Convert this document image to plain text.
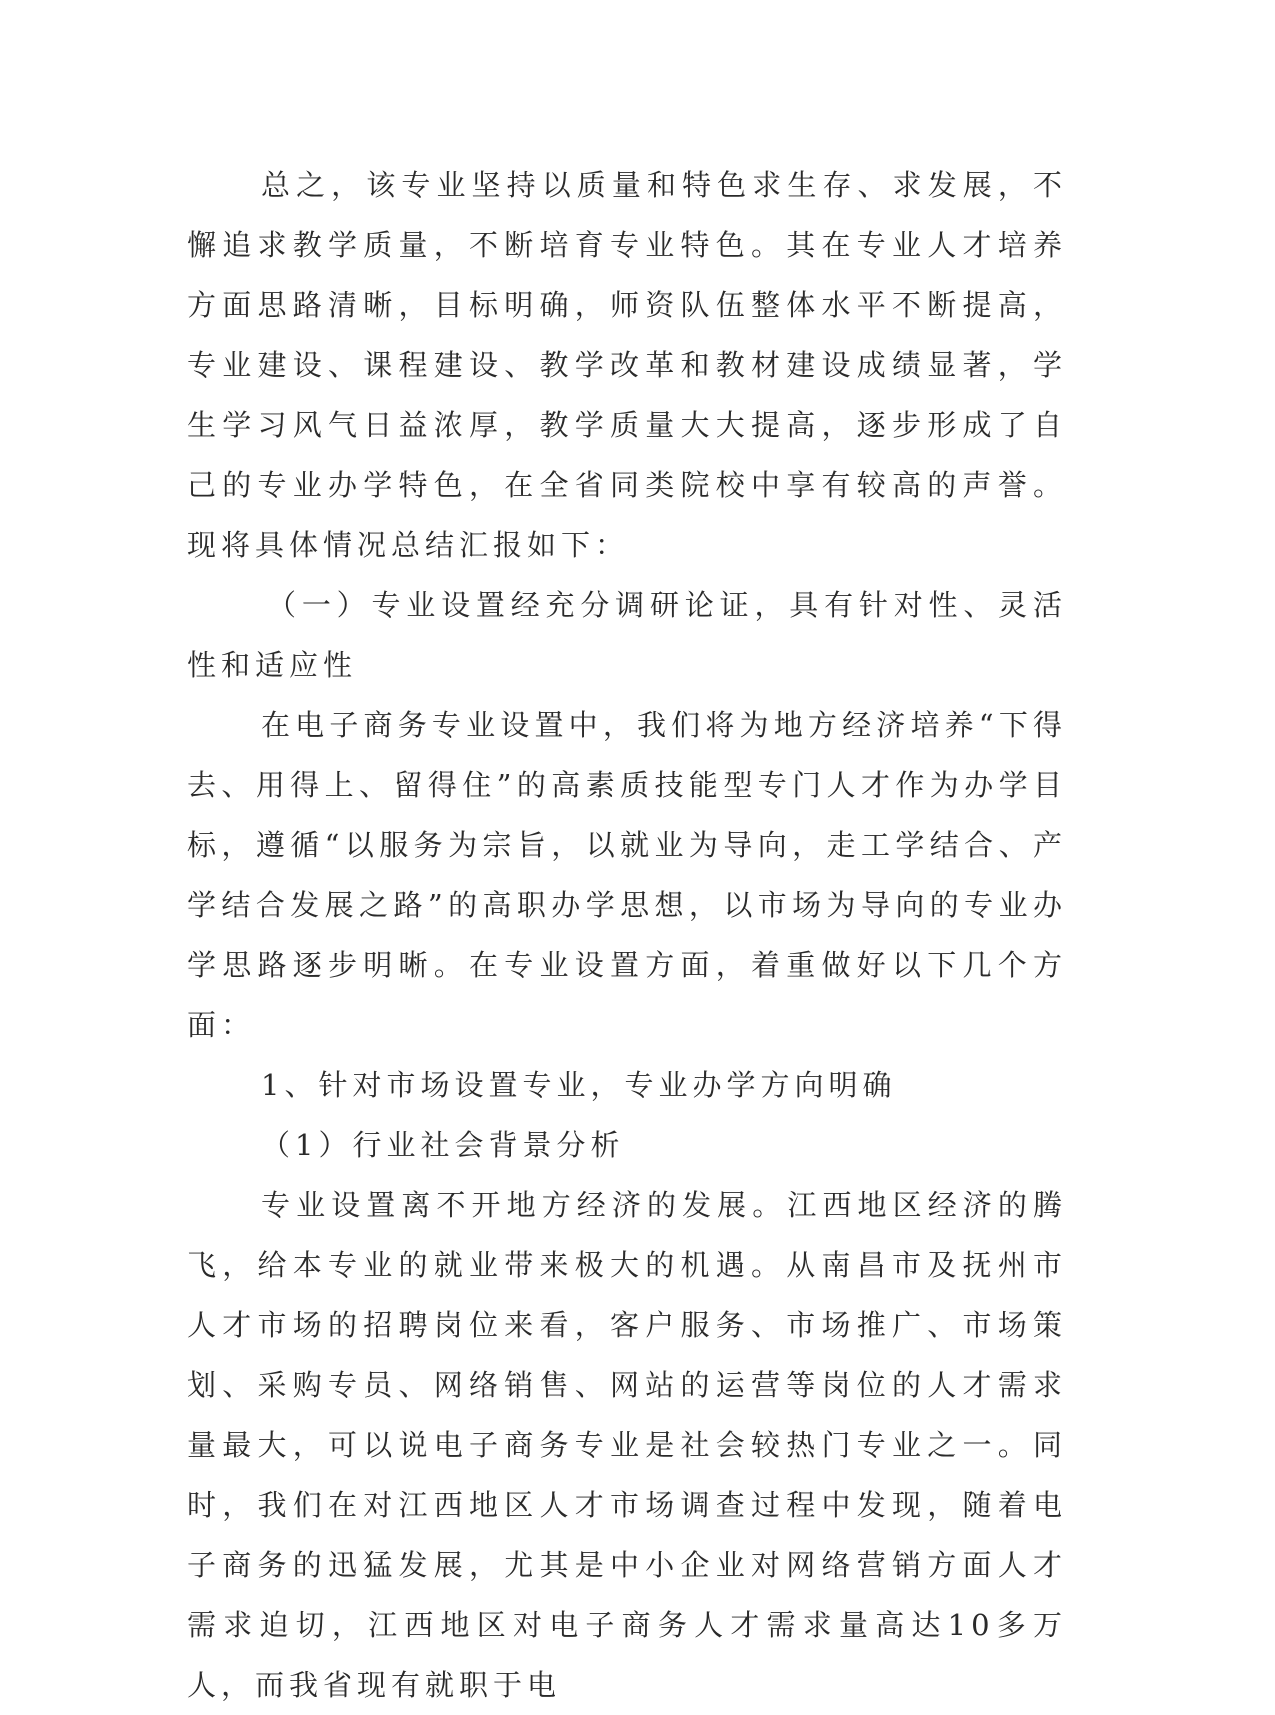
总之，该专业坚持以质量和特色求生存、求发展，不懈追求教学质量，不断培育专业特色。其在专业人才培养方面思路清晰，目标明确，师资队伍整体水平不断提高，专业建设、课程建设、教学改革和教材建设成绩显著，学生学习风气日益浓厚，教学质量大大提高，逐步形成了自己的专业办学特色，在全省同类院校中享有较高的声誉。现将具体情况总结汇报如下：

（一）专业设置经充分调研论证，具有针对性、灵活性和适应性

在电子商务专业设置中，我们将为地方经济培养“下得去、用得上、留得住”的高素质技能型专门人才作为办学目标，遵循“以服务为宗旨，以就业为导向，走工学结合、产学结合发展之路”的高职办学思想，以市场为导向的专业办学思路逐步明晰。在专业设置方面，着重做好以下几个方面：

1、针对市场设置专业，专业办学方向明确

（1）行业社会背景分析

专业设置离不开地方经济的发展。江西地区经济的腾飞，给本专业的就业带来极大的机遇。从南昌市及抚州市人才市场的招聘岗位来看，客户服务、市场推广、市场策划、采购专员、网络销售、网站的运营等岗位的人才需求量最大，可以说电子商务专业是社会较热门专业之一。同时，我们在对江西地区人才市场调查过程中发现，随着电子商务的迅猛发展，尤其是中小企业对网络营销方面人才需求迫切，江西地区对电子商务人才需求量高达10多万人，而我省现有就职于电
